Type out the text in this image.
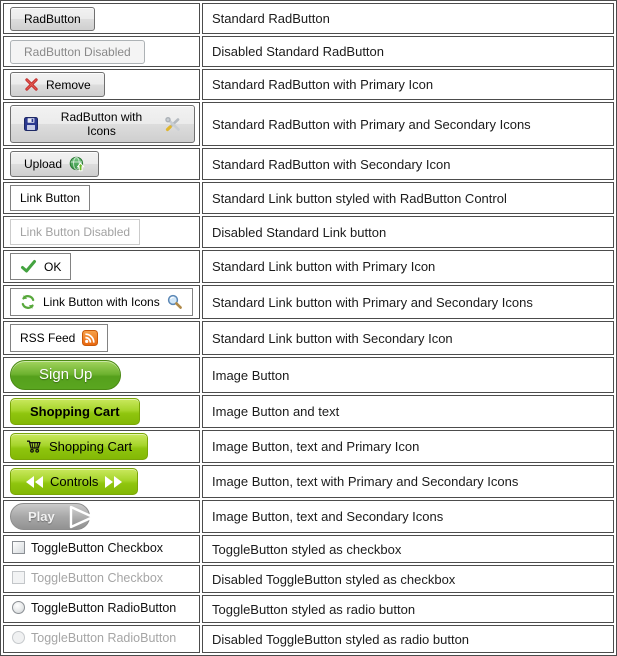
RadButton	Standard RadButton

RadButton Disabled	Disabled Standard RadButton

Remove	Standard RadButton with Primary Icon

RadButton with Icons	Standard RadButton with Primary and Secondary Icons

Upload	Standard RadButton with Secondary Icon

Link Button	Standard Link button styled with RadButton Control

Link Button Disabled	Disabled Standard Link button

OK	Standard Link button with Primary Icon

Link Button with Icons	Standard Link button with Primary and Secondary Icons

RSS Feed	Standard Link button with Secondary Icon
Sign Up	Image Button

Shopping Cart	Image Button and text

Shopping Cart	Image Button, text and Primary Icon

Controls	Image Button, text with Primary and Secondary Icons

Play	Image Button, text and Secondary Icons

ToggleButton Checkbox	ToggleButton styled as checkbox

ToggleButton Checkbox	Disabled ToggleButton styled as checkbox

ToggleButton RadioButton	ToggleButton styled as radio button

ToggleButton RadioButton	Disabled ToggleButton styled as radio button
